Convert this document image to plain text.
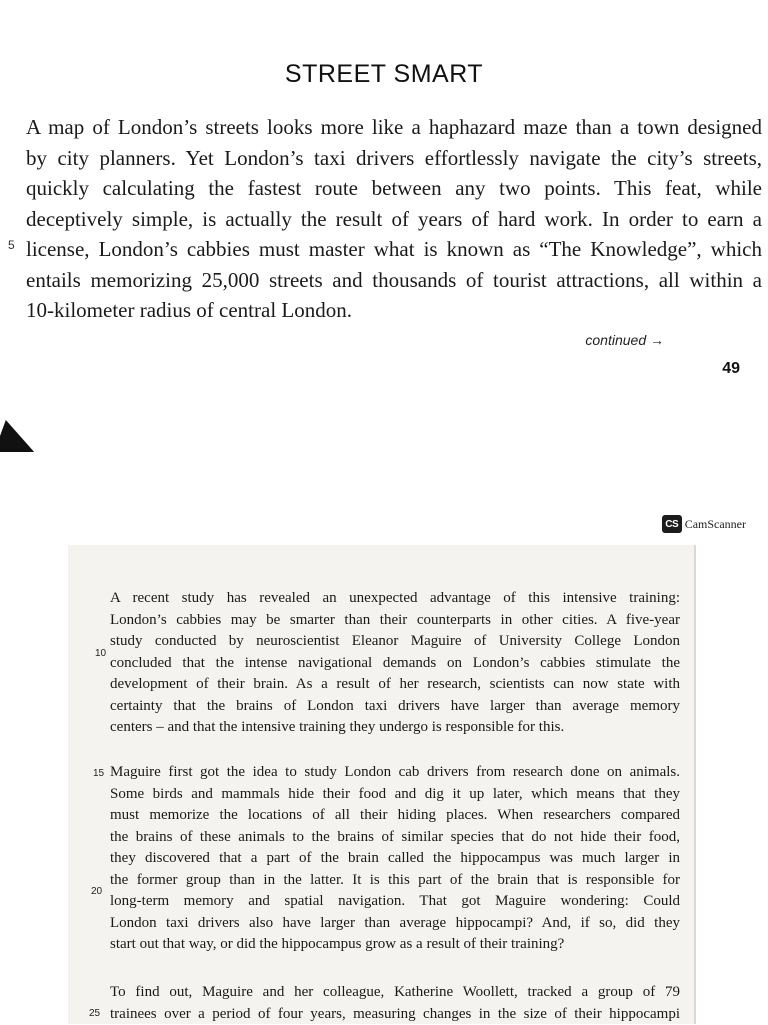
STREET SMART
A map of London’s streets looks more like a haphazard maze than a town designed
by city planners. Yet London’s taxi drivers effortlessly navigate the city’s streets,
quickly calculating the fastest route between any two points. This feat, while
deceptively simple, is actually the result of years of hard work. In order to earn a
license, London’s cabbies must master what is known as “The Knowledge”, which
entails memorizing 25,000 streets and thousands of tourist attractions, all within a
10-kilometer radius of central London.
5
continued →
49
CS CamScanner
A recent study has revealed an unexpected advantage of this intensive training:
London’s cabbies may be smarter than their counterparts in other cities. A five-year
study conducted by neuroscientist Eleanor Maguire of University College London
concluded that the intense navigational demands on London’s cabbies stimulate the
development of their brain. As a result of her research, scientists can now state with
certainty that the brains of London taxi drivers have larger than average memory
centers – and that the intensive training they undergo is responsible for this.
Maguire first got the idea to study London cab drivers from research done on animals.
Some birds and mammals hide their food and dig it up later, which means that they
must memorize the locations of all their hiding places. When researchers compared
the brains of these animals to the brains of similar species that do not hide their food,
they discovered that a part of the brain called the hippocampus was much larger in
the former group than in the latter. It is this part of the brain that is responsible for
long-term memory and spatial navigation. That got Maguire wondering: Could
London taxi drivers also have larger than average hippocampi? And, if so, did they
start out that way, or did the hippocampus grow as a result of their training?
To find out, Maguire and her colleague, Katherine Woollett, tracked a group of 79
trainees over a period of four years, measuring changes in the size of their hippocampi
10
15
20
25
